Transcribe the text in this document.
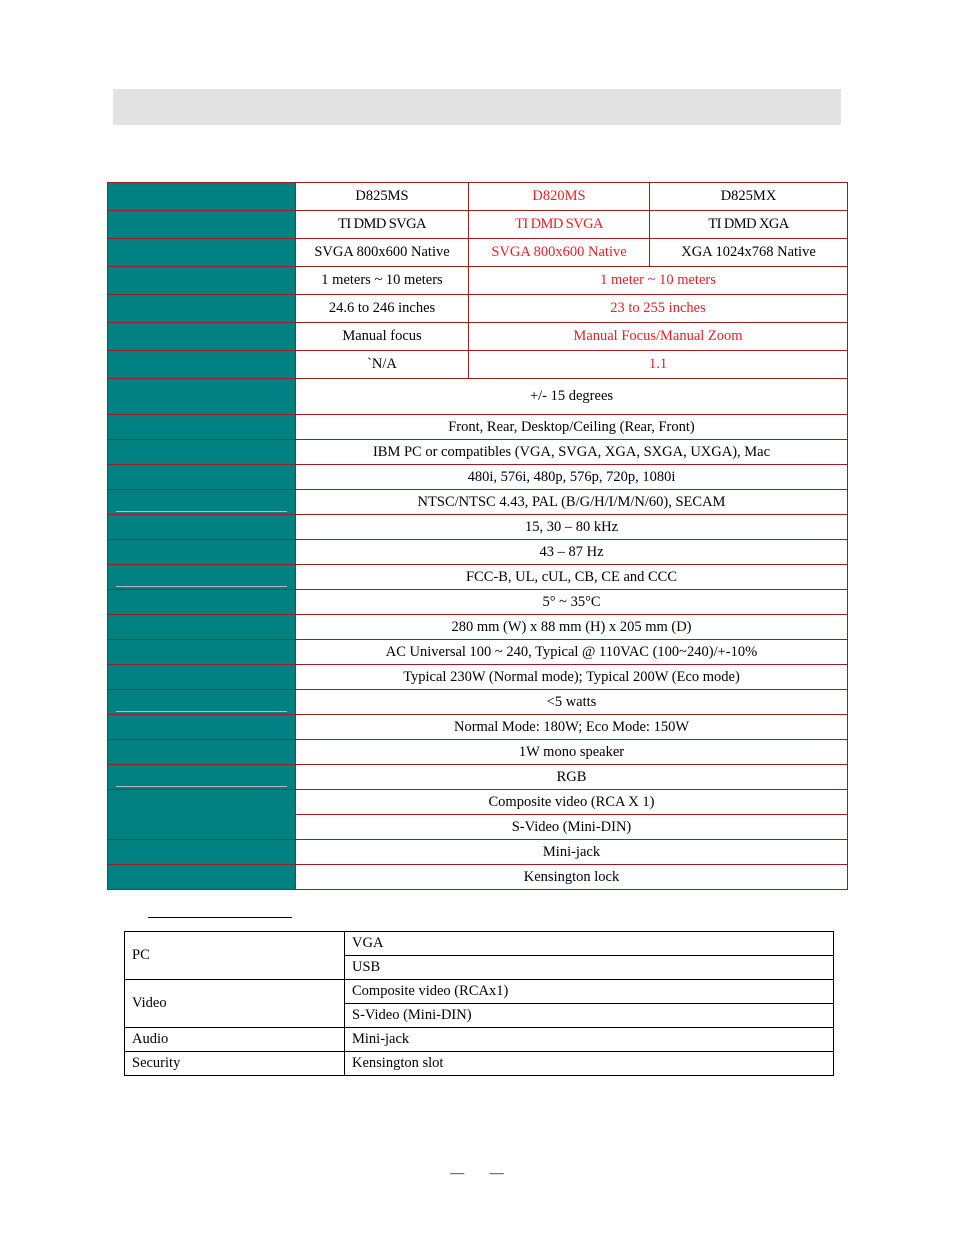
	D825MS	D820MS	D825MX
	TI DMD SVGA	TI DMD SVGA	TI DMD XGA
	SVGA 800x600 Native	SVGA 800x600 Native	XGA 1024x768 Native
	1 meters ~ 10 meters	1 meter ~ 10 meters	
	24.6 to 246 inches	23 to 255 inches	
	Manual focus	Manual Focus/Manual Zoom	
	`N/A	1.1	
	+/- 15 degrees		
	Front, Rear, Desktop/Ceiling (Rear, Front)		
	IBM PC or compatibles (VGA, SVGA, XGA, SXGA, UXGA), Mac		
	480i, 576i, 480p, 576p, 720p, 1080i		
	NTSC/NTSC 4.43, PAL (B/G/H/I/M/N/60), SECAM		
	15, 30 – 80 kHz		
	43 – 87 Hz		
	FCC-B, UL, cUL, CB, CE and CCC		
	5° ~ 35°C		
	280 mm (W) x 88 mm (H) x 205 mm (D)		
	AC Universal 100 ~ 240, Typical @ 110VAC (100~240)/+-10%		
	Typical 230W (Normal mode); Typical 200W (Eco mode)		
	<5 watts		
	Normal Mode: 180W; Eco Mode: 150W		
	1W mono speaker		
	RGB		
	Composite video (RCA X 1)		
	S-Video (Mini-DIN)		
	Mini-jack		
	Kensington lock		
PC	VGA
	USB
Video	Composite video (RCAx1)
	S-Video (Mini-DIN)
Audio	Mini-jack
Security	Kensington slot
— —
